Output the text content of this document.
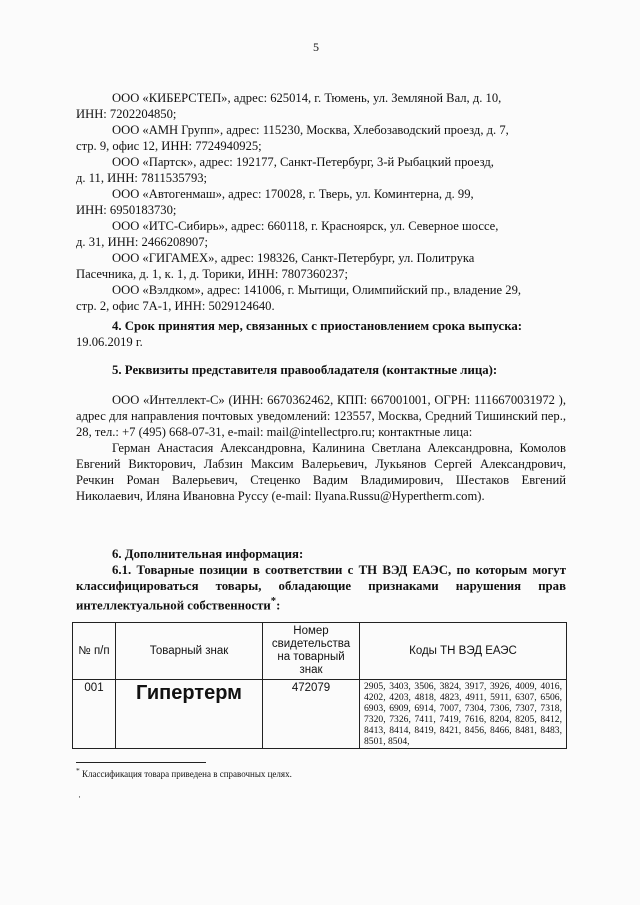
5

ООО «КИБЕРСТЕП», адрес: 625014, г. Тюмень, ул. Земляной Вал, д. 10,

ИНН: 7202204850;

ООО «АМН Групп», адрес: 115230, Москва, Хлебозаводский проезд, д. 7,

стр. 9, офис 12, ИНН: 7724940925;

ООО «Партск», адрес: 192177, Санкт-Петербург, 3-й Рыбацкий проезд,

д. 11, ИНН: 7811535793;

ООО «Автогенмаш», адрес: 170028, г. Тверь, ул. Коминтерна, д. 99,

ИНН: 6950183730;

ООО «ИТС-Сибирь», адрес: 660118, г. Красноярск, ул. Северное шоссе,

д. 31, ИНН: 2466208907;

ООО «ГИГАМЕХ», адрес: 198326, Санкт-Петербург, ул. Политрука

Пасечника, д. 1, к. 1, д. Торики, ИНН: 7807360237;

ООО «Вэлдком», адрес: 141006, г. Мытищи, Олимпийский пр., владение 29,

стр. 2, офис 7А-1, ИНН: 5029124640.

4. Срок принятия мер, связанных с приостановлением срока выпуска:
19.06.2019 г.
5. Реквизиты представителя правообладателя (контактные лица):

ООО «Интеллект-С» (ИНН: 6670362462, КПП: 667001001, ОГРН: 1116670031972 ), адрес для направления почтовых уведомлений: 123557, Москва, Средний Тишинский пер., 28, тел.: +7 (495) 668-07-31, e-mail: mail@intellectpro.ru; контактные лица:

Герман Анастасия Александровна, Калинина Светлана Александровна, Комолов Евгений Викторович, Лабзин Максим Валерьевич, Лукьянов Сергей Александрович, Речкин Роман Валерьевич, Стеценко Вадим Владимирович, Шестаков Евгений Николаевич, Иляна Ивановна Руссу (e-mail: Ilyana.Russu@Hypertherm.com).

6. Дополнительная информация:
6.1. Товарные позиции в соответствии с ТН ВЭД ЕАЭС, по которым могут классифицироваться товары, обладающие признаками нарушения прав интеллектуальной собственности*:
№ п/п	Товарный знак	Номер свидетельства на товарный знак	Коды ТН ВЭД ЕАЭС
001	Гипертерм	472079	2905, 3403, 3506, 3824, 3917, 3926, 4009, 4016, 4202, 4203, 4818, 4823, 4911, 5911, 6307, 6506, 6903, 6909, 6914, 7007, 7304, 7306, 7307, 7318, 7320, 7326, 7411, 7419, 7616, 8204, 8205, 8412, 8413, 8414, 8419, 8421, 8456, 8466, 8481, 8483, 8501, 8504,
* Классификация товара приведена в справочных целях.
·
